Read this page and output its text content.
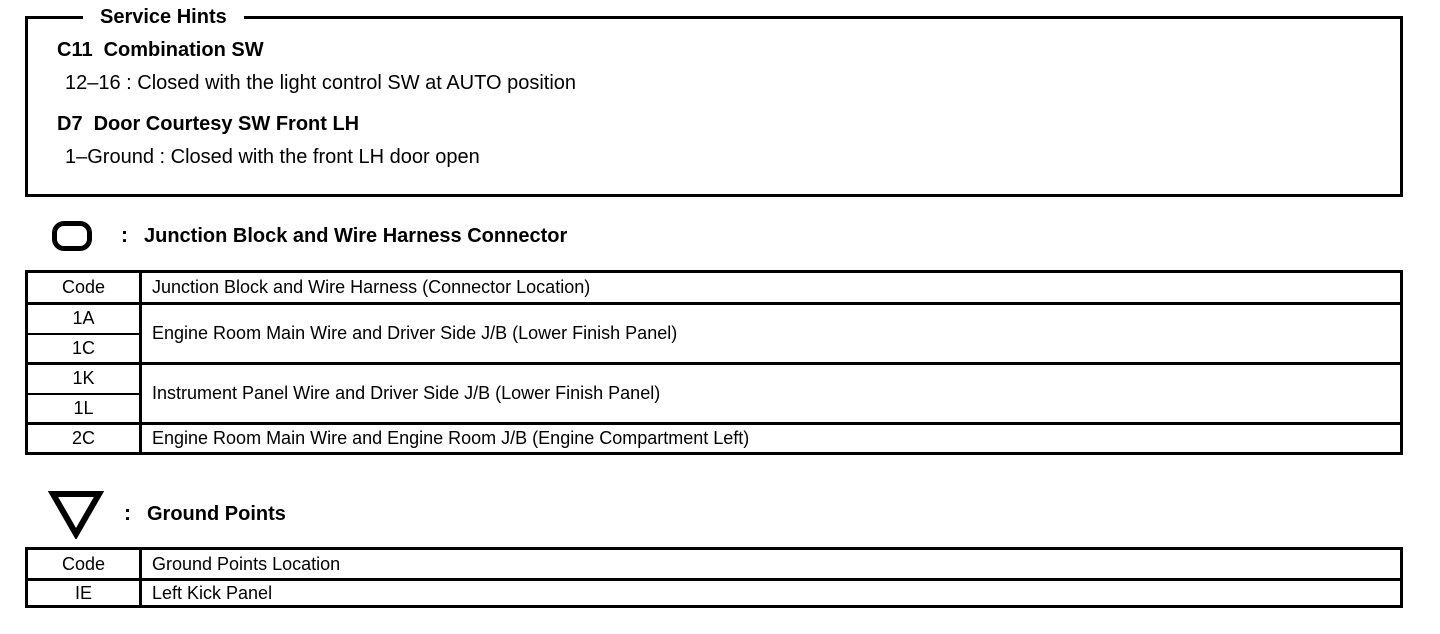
Service Hints

C11 Combination SW

12–16 : Closed with the light control SW at AUTO position

D7 Door Courtesy SW Front LH

1–Ground : Closed with the front LH door open

: Junction Block and Wire Harness Connector
Code	Junction Block and Wire Harness (Connector Location)
1A	Engine Room Main Wire and Driver Side J/B (Lower Finish Panel)
1C	
1K	Instrument Panel Wire and Driver Side J/B (Lower Finish Panel)
1L	
2C	Engine Room Main Wire and Engine Room J/B (Engine Compartment Left)
: Ground Points
Code	Ground Points Location
IE	Left Kick Panel
